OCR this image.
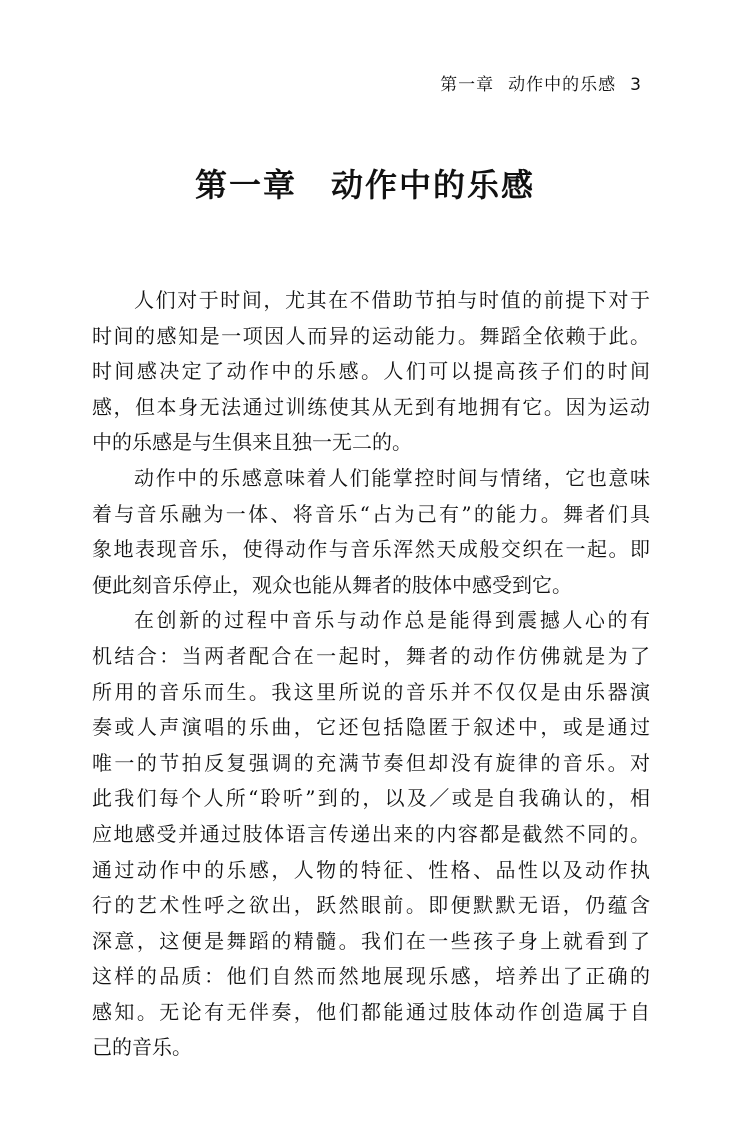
第一章 动作中的乐感 3
第一章 动作中的乐感
人们对于时间，尤其在不借助节拍与时值的前提下对于
时间的感知是一项因人而异的运动能力。舞蹈全依赖于此。
时间感决定了动作中的乐感。人们可以提高孩子们的时间
感，但本身无法通过训练使其从无到有地拥有它。因为运动
中的乐感是与生俱来且独一无二的。
动作中的乐感意味着人们能掌控时间与情绪，它也意味
着与音乐融为一体、将音乐“占为己有”的能力。舞者们具
象地表现音乐，使得动作与音乐浑然天成般交织在一起。即
便此刻音乐停止，观众也能从舞者的肢体中感受到它。
在创新的过程中音乐与动作总是能得到震撼人心的有
机结合：当两者配合在一起时，舞者的动作仿佛就是为了
所用的音乐而生。我这里所说的音乐并不仅仅是由乐器演
奏或人声演唱的乐曲，它还包括隐匿于叙述中，或是通过
唯一的节拍反复强调的充满节奏但却没有旋律的音乐。对
此我们每个人所“聆听”到的，以及／或是自我确认的，相
应地感受并通过肢体语言传递出来的内容都是截然不同的。
通过动作中的乐感，人物的特征、性格、品性以及动作执
行的艺术性呼之欲出，跃然眼前。即便默默无语，仍蕴含
深意，这便是舞蹈的精髓。我们在一些孩子身上就看到了
这样的品质：他们自然而然地展现乐感，培养出了正确的
感知。无论有无伴奏，他们都能通过肢体动作创造属于自
己的音乐。
